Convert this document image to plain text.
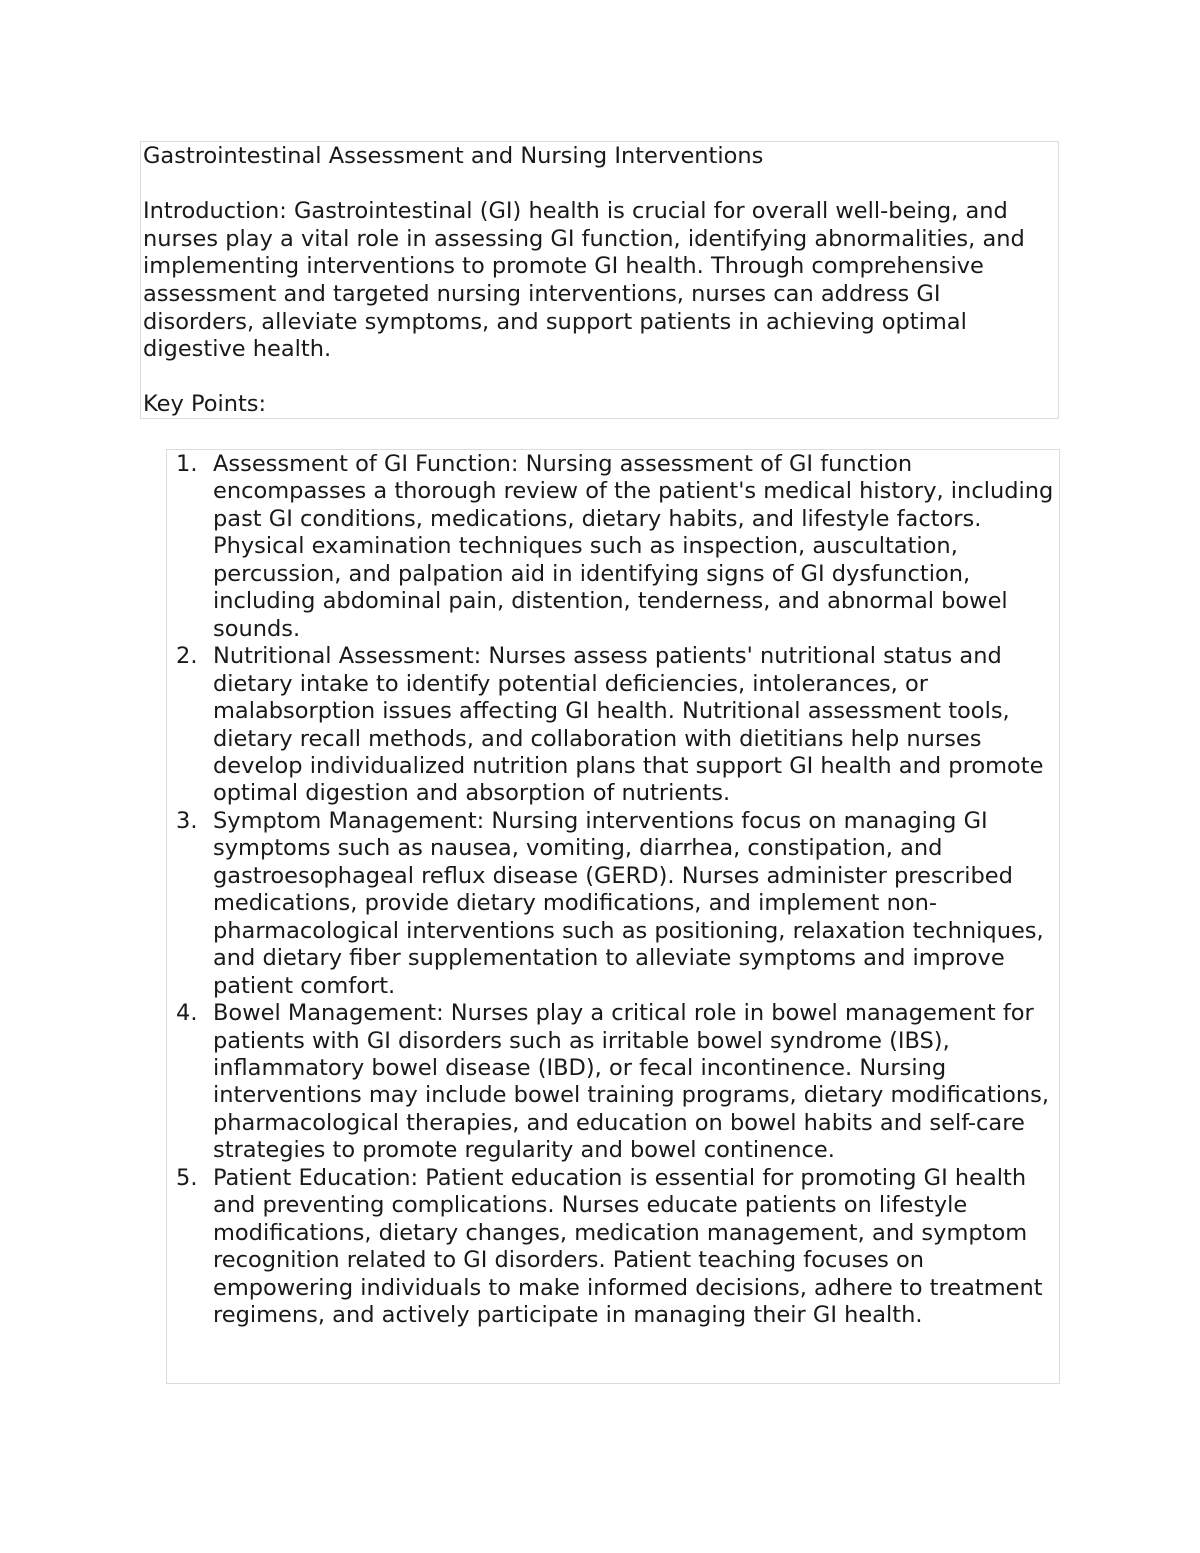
Gastrointestinal Assessment and Nursing Interventions

Introduction: Gastrointestinal (GI) health is crucial for overall well-being, and nurses play a vital role in assessing GI function, identifying abnormalities, and implementing interventions to promote GI health. Through comprehensive assessment and targeted nursing interventions, nurses can address GI disorders, alleviate symptoms, and support patients in achieving optimal digestive health.

Key Points:

1. Assessment of GI Function: Nursing assessment of GI function encompasses a thorough review of the patient's medical history, including past GI conditions, medications, dietary habits, and lifestyle factors. Physical examination techniques such as inspection, auscultation, percussion, and palpation aid in identifying signs of GI dysfunction, including abdominal pain, distention, tenderness, and abnormal bowel sounds.
2. Nutritional Assessment: Nurses assess patients' nutritional status and dietary intake to identify potential deficiencies, intolerances, or malabsorption issues affecting GI health. Nutritional assessment tools, dietary recall methods, and collaboration with dietitians help nurses develop individualized nutrition plans that support GI health and promote optimal digestion and absorption of nutrients.
3. Symptom Management: Nursing interventions focus on managing GI symptoms such as nausea, vomiting, diarrhea, constipation, and gastroesophageal reflux disease (GERD). Nurses administer prescribed medications, provide dietary modifications, and implement non-pharmacological interventions such as positioning, relaxation techniques, and dietary fiber supplementation to alleviate symptoms and improve patient comfort.
4. Bowel Management: Nurses play a critical role in bowel management for patients with GI disorders such as irritable bowel syndrome (IBS), inflammatory bowel disease (IBD), or fecal incontinence. Nursing interventions may include bowel training programs, dietary modifications, pharmacological therapies, and education on bowel habits and self-care strategies to promote regularity and bowel continence.
5. Patient Education: Patient education is essential for promoting GI health and preventing complications. Nurses educate patients on lifestyle modifications, dietary changes, medication management, and symptom recognition related to GI disorders. Patient teaching focuses on empowering individuals to make informed decisions, adhere to treatment regimens, and actively participate in managing their GI health.
